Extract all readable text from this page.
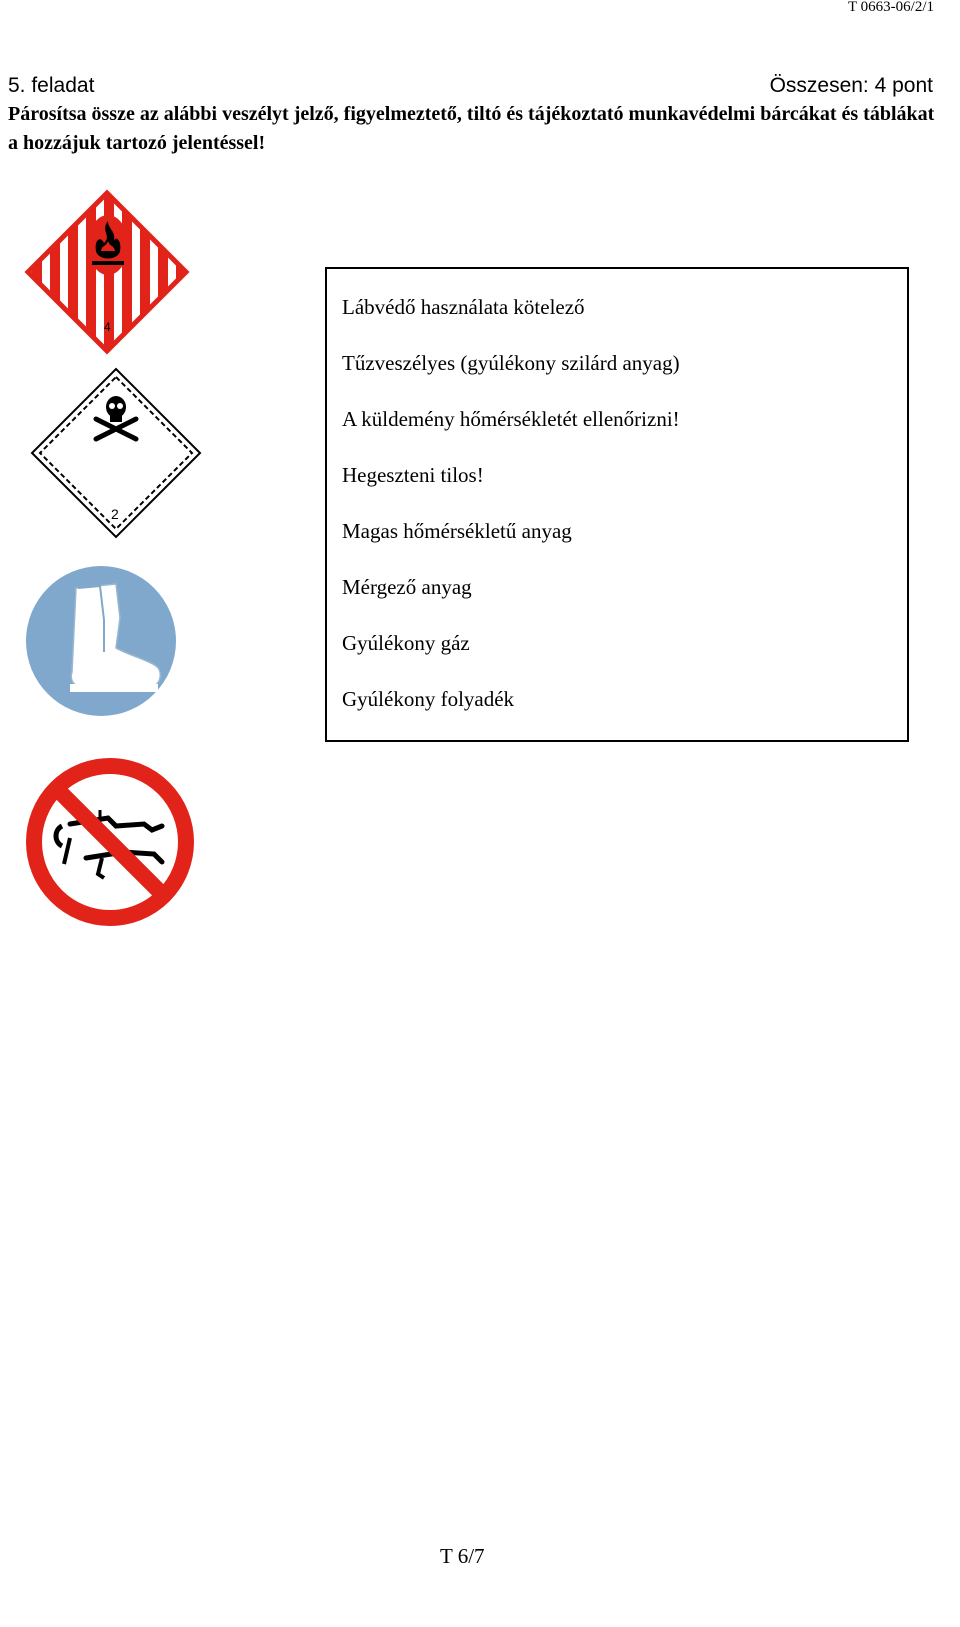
T 0663-06/2/1
5. feladat	Összesen: 4 pont

Párosítsa össze az alábbi veszélyt jelző, figyelmeztető, tiltó és tájékoztató munkavédelmi bárcákat és táblákat a hozzájuk tartozó jelentéssel!

4
2
Lábvédő használata kötelező
Tűzveszélyes (gyúlékony szilárd anyag)
A küldemény hőmérsékletét ellenőrizni!
Hegeszteni tilos!
Magas hőmérsékletű anyag
Mérgező anyag
Gyúlékony gáz
Gyúlékony folyadék
T 6/7
